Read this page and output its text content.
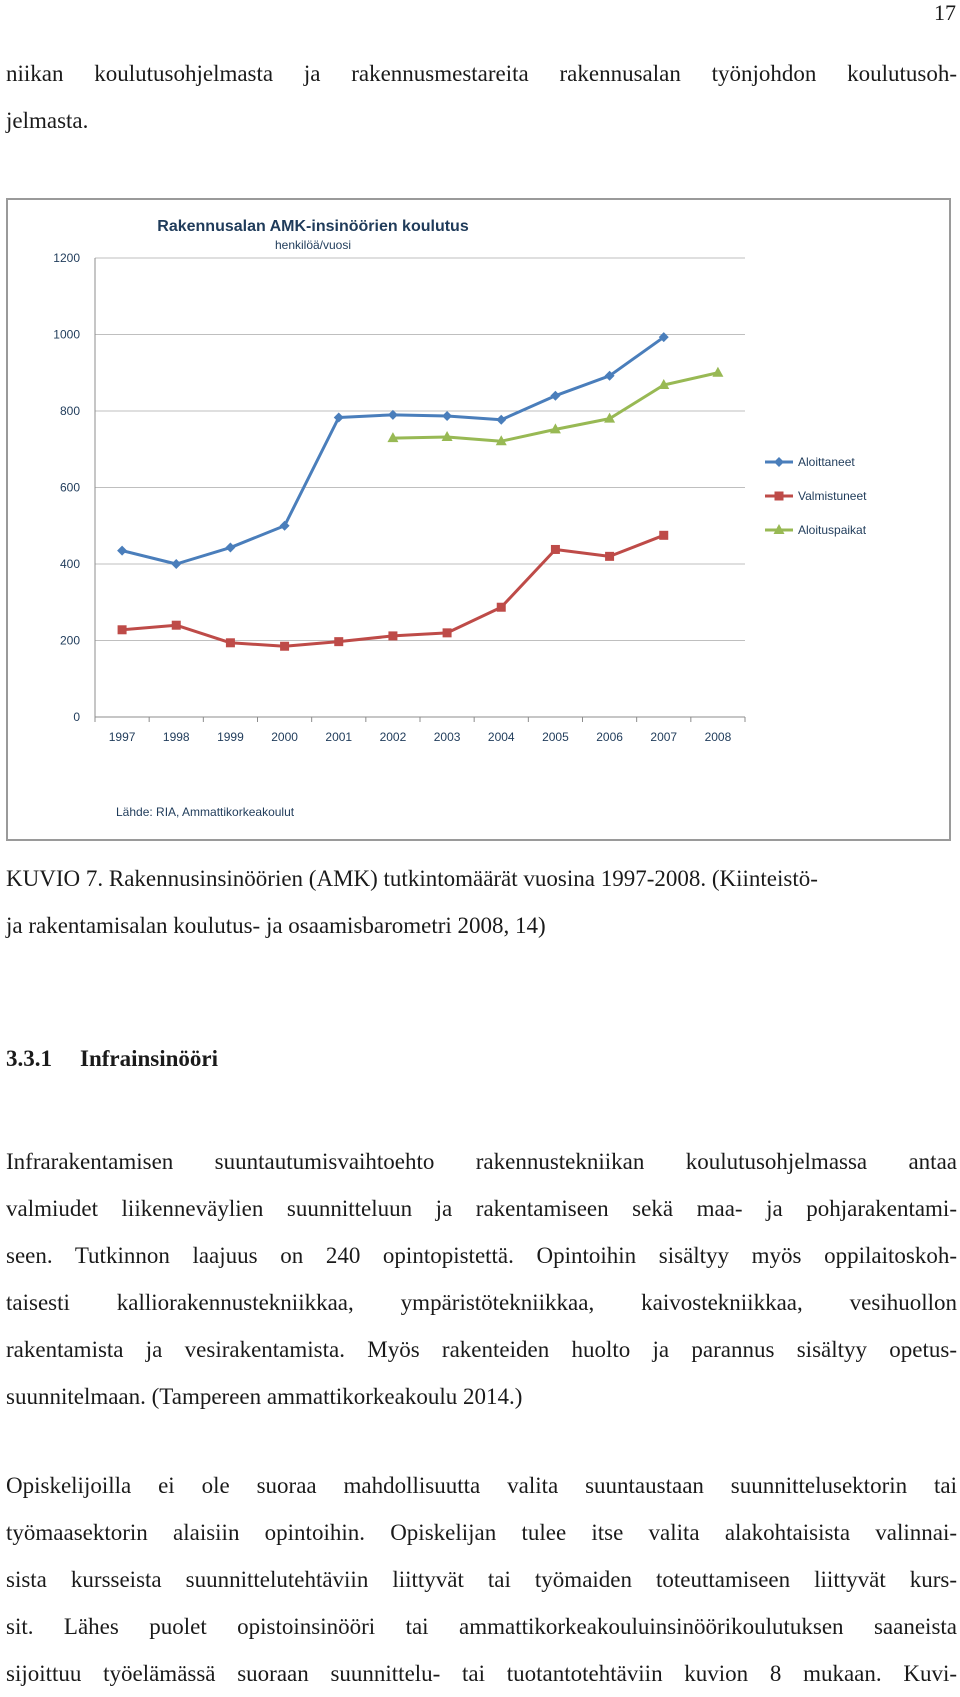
17
niikan koulutusohjelmasta ja rakennusmestareita rakennusalan työnjohdon koulutusoh-
jelmasta.
0
200
400
600
800
1000
1200
1997 1998 1999 2000 2001 2002 2003 2004 2005 2006 2007 2008
Aloittaneet
Valmistuneet
Aloituspaikat
Rakennusalan AMK-insinöörien koulutus
henkilöä/vuosi
Lähde: RIA, Ammattikorkeakoulut
KUVIO 7. Rakennusinsinöörien (AMK) tutkintomäärät vuosina 1997-2008. (Kiinteistö-
ja rakentamisalan koulutus- ja osaamisbarometri 2008, 14)
3.3.1 Infrainsinööri
Infrarakentamisen suuntautumisvaihtoehto rakennustekniikan koulutusohjelmassa antaa
valmiudet liikenneväylien suunnitteluun ja rakentamiseen sekä maa- ja pohjarakentami-
seen. Tutkinnon laajuus on 240 opintopistettä. Opintoihin sisältyy myös oppilaitoskoh-
taisesti kalliorakennustekniikkaa, ympäristötekniikkaa, kaivostekniikkaa, vesihuollon
rakentamista ja vesirakentamista. Myös rakenteiden huolto ja parannus sisältyy opetus-
suunnitelmaan. (Tampereen ammattikorkeakoulu 2014.)
Opiskelijoilla ei ole suoraa mahdollisuutta valita suuntaustaan suunnittelusektorin tai
työmaasektorin alaisiin opintoihin. Opiskelijan tulee itse valita alakohtaisista valinnai-
sista kursseista suunnittelutehtäviin liittyvät tai työmaiden toteuttamiseen liittyvät kurs-
sit. Lähes puolet opistoinsinööri tai ammattikorkeakouluinsinöörikoulutuksen saaneista
sijoittuu työelämässä suoraan suunnittelu- tai tuotantotehtäviin kuvion 8 mukaan. Kuvi-
